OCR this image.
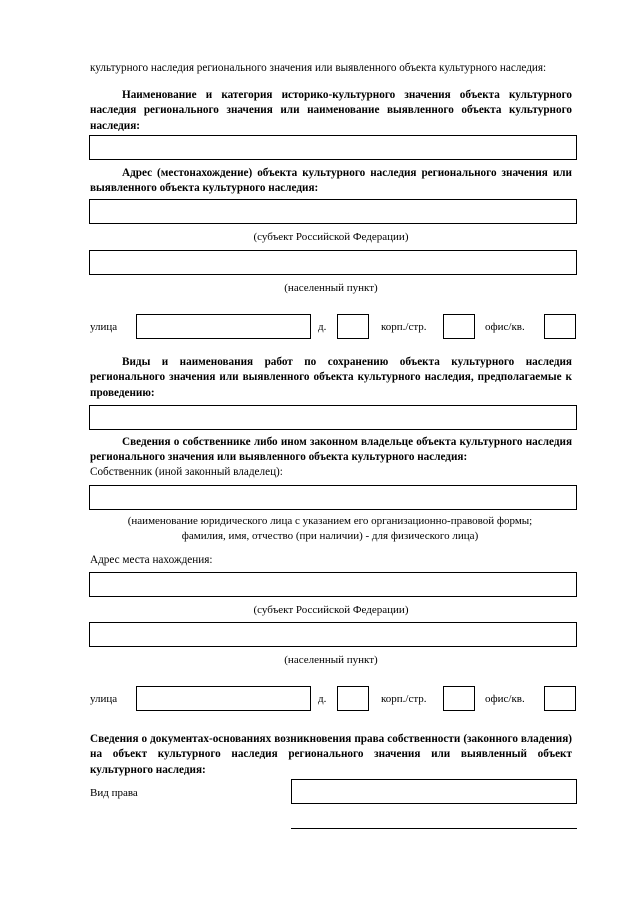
культурного наследия регионального значения или выявленного объекта культурного наследия:
Наименование и категория историко-культурного значения объекта культурного наследия регионального значения или наименование выявленного объекта культурного наследия:
Адрес (местонахождение) объекта культурного наследия регионального значения или выявленного объекта культурного наследия:
(субъект Российской Федерации)
(населенный пункт)
улица	д.	корп./стр.	офис/кв.
Виды и наименования работ по сохранению объекта культурного наследия регионального значения или выявленного объекта культурного наследия, предполагаемые к проведению:
Сведения о собственнике либо ином законном владельце объекта культурного наследия регионального значения или выявленного объекта культурного наследия:
Собственник (иной законный владелец):
(наименование юридического лица с указанием его организационно-правовой формы; фамилия, имя, отчество (при наличии) - для физического лица)
Адрес места нахождения:
(субъект Российской Федерации)
(населенный пункт)
улица	д.	корп./стр.	офис/кв.
Сведения о документах-основаниях возникновения права собственности (законного владения) на объект культурного наследия регионального значения или выявленный объект культурного наследия:
Вид права
